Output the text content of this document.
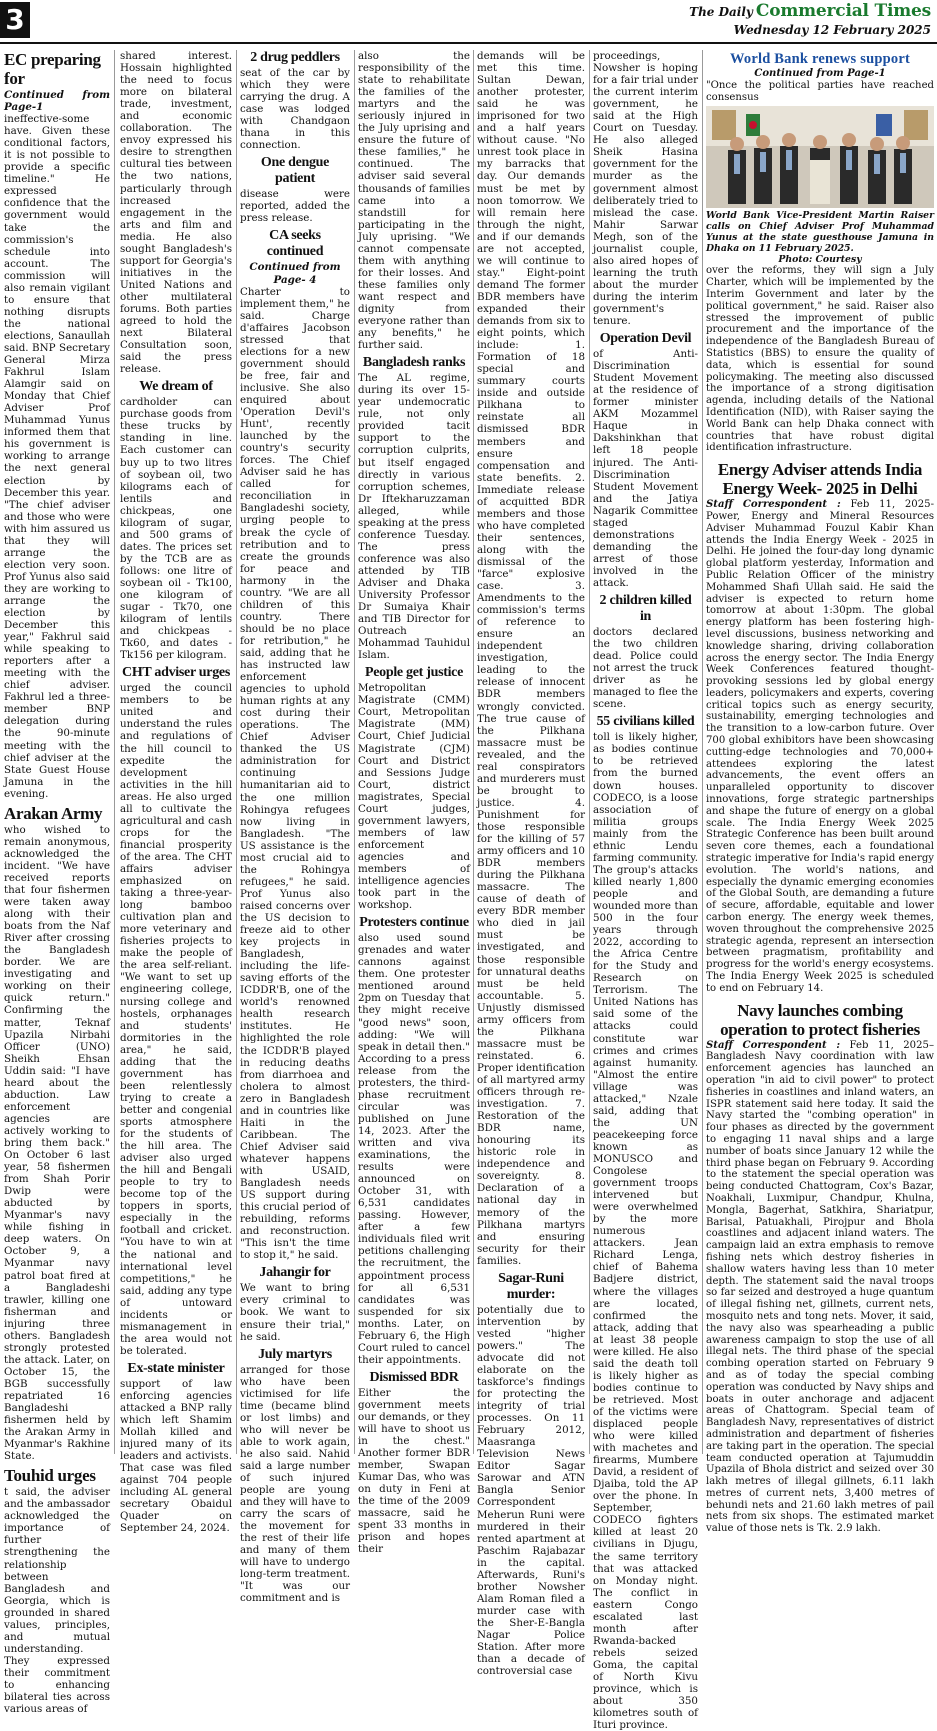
3	The Daily Commercial Times
Wednesday 12 February 2025
EC preparing for

Continued from Page-1

ineffective-some have. Given these conditional factors, it is not possible to provide a specific timeline." He expressed confidence that the government would take the commission's schedule into account. The commission will also remain vigilant to ensure that nothing disrupts the national elections, Sanaullah said. BNP Secretary General Mirza Fakhrul Islam Alamgir said on Monday that Chief Adviser Prof Muhammad Yunus informed them that his government is working to arrange the next general election by December this year. "The chief adviser and those who were with him assured us that they will arrange the election very soon. Prof Yunus also said they are working to arrange the election by December this year," Fakhrul said while speaking to reporters after a meeting with the chief adviser. Fakhrul led a three-member BNP delegation during the 90-minute meeting with the chief adviser at the State Guest House Jamuna in the evening.

Arakan Army

who wished to remain anonymous, acknowledged the incident. "We have received reports that four fishermen were taken away along with their boats from the Naf River after crossing the Bangladesh border. We are investigating and working on their quick return." Confirming the matter, Teknaf Upazila Nirbahi Officer (UNO) Sheikh Ehsan Uddin said: "I have heard about the abduction. Law enforcement agencies are actively working to bring them back." On October 6 last year, 58 fishermen from Shah Porir Dwip were abducted by Myanmar's navy while fishing in deep waters. On October 9, a Myanmar navy patrol boat fired at a Bangladeshi trawler, killing one fisherman and injuring three others. Bangladesh strongly protested the attack. Later, on October 15, the BGB successfully repatriated 16 Bangladeshi fishermen held by the Arakan Army in Myanmar's Rakhine State.

Touhid urges

t said, the adviser and the ambassador acknowledged the importance of further strengthening the relationship between Bangladesh and Georgia, which is grounded in shared values, principles, and mutual understanding. They expressed their commitment to enhancing bilateral ties across various areas of

shared interest. Hossain highlighted the need to focus more on bilateral trade, investment, and economic collaboration. The envoy expressed his desire to strengthen cultural ties between the two nations, particularly through increased engagement in the arts and film and media. He also sought Bangladesh's support for Georgia's initiatives in the United Nations and other multilateral forums. Both parties agreed to hold the next Bilateral Consultation soon, said the press release.

We dream of

cardholder can purchase goods from these trucks by standing in line. Each customer can buy up to two litres of soybean oil, two kilograms each of lentils and chickpeas, one kilogram of sugar, and 500 grams of dates. The prices set by the TCB are as follows: one litre of soybean oil - Tk100, one kilogram of sugar - Tk70, one kilogram of lentils and chickpeas - Tk60, and dates - Tk156 per kilogram.

CHT adviser urges

urged the council members to be united and understand the rules and regulations of the hill council to expedite the development activities in the hill areas. He also urged all to cultivate the agricultural and cash crops for the financial prosperity of the area. The CHT affairs adviser emphasized on taking a three-year-long bamboo cultivation plan and more veterinary and fisheries projects to make the people of the area self-reliant. "We want to set up engineering college, nursing college and hostels, orphanages and students' dormitories in the area," he said, adding that the government has been relentlessly trying to create a better and congenial sports atmosphere for the students of the hill area. The adviser also urged the hill and Bengali people to try to become top of the toppers in sports, especially in the football and cricket. "You have to win at the national and international level competitions," he said, adding any type of untoward incidents or mismanagement in the area would not be tolerated.

Ex-state minister

support of law enforcing agencies attacked a BNP rally which left Shamim Mollah killed and injured many of its leaders and activists. That case was filed against 704 people including AL general secretary Obaidul Quader on September 24, 2024.

2 drug peddlers

seat of the car by which they were carrying the drug. A case was lodged with Chandgaon thana in this connection.

One dengue patient

disease were reported, added the press release.

CA seeks continued

Continued from Page- 4

Charter to implement them," he said. Charge d'affaires Jacobson stressed that elections for a new government should be free, fair and inclusive. She also enquired about 'Operation Devil's Hunt', recently launched by the country's security forces. The Chief Adviser said he has called for reconciliation in Bangladeshi society, urging people to break the cycle of retribution and to create the grounds for peace and harmony in the country. "We are all children of this country. There should be no place for retribution," he said, adding that he has instructed law enforcement agencies to uphold human rights at any cost during their operations. The Chief Adviser thanked the US administration for continuing humanitarian aid to the one million Rohingya refugees now living in Bangladesh. "The US assistance is the most crucial aid to the Rohingya refugees," he said. Prof Yunus also raised concerns over the US decision to freeze aid to other key projects in Bangladesh, including the life-saving efforts of the ICDDR'B, one of the world's renowned health research institutes. He highlighted the role the ICDDR'B played in reducing deaths from diarrhoea and cholera to almost zero in Bangladesh and in countries like Haiti in the Caribbean. The Chief Adviser said whatever happens with USAID, Bangladesh needs US support during this crucial period of rebuilding, reforms and reconstruction. "This isn't the time to stop it," he said.

Jahangir for

We want to bring every criminal to book. We want to ensure their trial," he said.

July martyrs

arranged for those who have been victimised for life time (became blind or lost limbs) and who will never be able to work again, he also said. Nahid said a large number of such injured people are young and they will have to carry the scars of the movement for the rest of their life and many of them will have to undergo long-term treatment. "It was our commitment and is

also the responsibility of the state to rehabilitate the families of the martyrs and the seriously injured in the July uprising and ensure the future of these families," he continued. The adviser said several thousands of families came into a standstill for participating in the July uprising. "We cannot compensate them with anything for their losses. And these families only want respect and dignity from everyone rather than any benefits," he further said.

Bangladesh ranks

The AL regime, during its over 15-year undemocratic rule, not only provided tacit support to the corruption culprits, but itself engaged directly in various corruption schemes, Dr Iftekharuzzaman alleged, while speaking at the press conference Tuesday. The press conference was also attended by TIB Adviser and Dhaka University Professor Dr Sumaiya Khair and TIB Director for Outreach Mohammad Tauhidul Islam.

People get justice

Metropolitan Magistrate (CMM) Court, Metropolitan Magistrate (MM) Court, Chief Judicial Magistrate (CJM) Court and District and Sessions Judge Court, district magistrates, Special Court judges, government lawyers, members of law enforcement agencies and members of intelligence agencies took part in the workshop.

Protesters continue

also used sound grenades and water cannons against them. One protester mentioned around 2pm on Tuesday that they might receive "good news" soon, adding: "We will speak in detail then." According to a press release from the protesters, the third-phase recruitment circular was published on June 14, 2023. After the written and viva examinations, the results were announced on October 31, with 6,531 candidates passing. However, after a few individuals filed writ petitions challenging the recruitment, the appointment process for all 6,531 candidates was suspended for six months. Later, on February 6, the High Court ruled to cancel their appointments.

Dismissed BDR

Either the government meets our demands, or they will have to shoot us in the chest." Another former BDR member, Swapan Kumar Das, who was on duty in Feni at the time of the 2009 massacre, said he spent 33 months in prison and hopes their

demands will be met this time. Sultan Dewan, another protester, said he was imprisoned for two and a half years without cause. "No unrest took place in my barracks that day. Our demands must be met by noon tomorrow. We will remain here through the night, and if our demands are not accepted, we will continue to stay." Eight-point demand The former BDR members have expanded their demands from six to eight points, which include: 1. Formation of 18 special and summary courts inside and outside Pilkhana to reinstate all dismissed BDR members and ensure compensation and state benefits. 2. Immediate release of acquitted BDR members and those who have completed their sentences, along with the dismissal of the "farce" explosive case. 3. Amendments to the commission's terms of reference to ensure an independent investigation, leading to the release of innocent BDR members wrongly convicted. The true cause of the Pilkhana massacre must be revealed, and the real conspirators and murderers must be brought to justice. 4. Punishment for those responsible for the killing of 57 army officers and 10 BDR members during the Pilkhana massacre. The cause of death of every BDR member who died in jail must be investigated, and those responsible for unnatural deaths must be held accountable. 5. Unjustly dismissed army officers from the Pilkhana massacre must be reinstated. 6. Proper identification of all martyred army officers through re-investigation. 7. Restoration of the BDR name, honouring its historic role in independence and sovereignty. 8. Declaration of a national day in memory of the Pilkhana martyrs and ensuring security for their families.

Sagar-Runi murder:

potentially due to intervention by vested "higher powers." The advocate did not elaborate on the taskforce's findings for protecting the integrity of trial processes. On 11 February 2012, Maasranga Television News Editor Sagar Sarowar and ATN Bangla Senior Correspondent Meherun Runi were murdered in their rented apartment at Paschim Rajabazar in the capital. Afterwards, Runi's brother Nowsher Alam Roman filed a murder case with the Sher-E-Bangla Nagar Police Station. After more than a decade of controversial case

proceedings, Nowsher is hoping for a fair trial under the current interim government, he said at the High Court on Tuesday. He also alleged Sheik Hasina government for the murder as the government almost deliberately tried to mislead the case. Mahir Sarwar Megh, son of the journalist couple, also aired hopes of learning the truth about the murder during the interim government's tenure.

Operation Devil

of Anti-Discrimination Student Movement at the residence of former minister AKM Mozammel Haque in Dakshinkhan that left 18 people injured. The Anti-Discrimination Student Movement and the Jatiya Nagarik Committee staged demonstrations demanding the arrest of those involved in the attack.

2 children killed in

doctors declared the two children dead. Police could not arrest the truck driver as he managed to flee the scene.

55 civilians killed

toll is likely higher, as bodies continue to be retrieved from the burned down houses. CODECO, is a loose association of militia groups mainly from the ethnic Lendu farming community. The group's attacks killed nearly 1,800 people and wounded more than 500 in the four years through 2022, according to the Africa Centre for the Study and Research on Terrorism. The United Nations has said some of the attacks could constitute war crimes and crimes against humanity. "Almost the entire village was attacked," Nzale said, adding that the UN peacekeeping force known as MONUSCO and Congolese government troops intervened but were overwhelmed by the more numerous attackers. Jean Richard Lenga, chief of Bahema Badjere district, where the villages are located, confirmed the attack, adding that at least 38 people were killed. He also said the death toll is likely higher as bodies continue to be retrieved. Most of the victims were displaced people who were killed with machetes and firearms, Mumbere David, a resident of Djaiba, told the AP over the phone. In September, CODECO fighters killed at least 20 civilians in Djugu, the same territory that was attacked on Monday night. The conflict in eastern Congo escalated last month after Rwanda-backed rebels seized Goma, the capital of North Kivu province, which is about 350 kilometres south of Ituri province.

World Bank renews support

Continued from Page-1

"Once the political parties have reached consensus

World Bank Vice-President Martin Raiser calls on Chief Adviser Prof Muhammad Yunus at the state guesthouse Jamuna in Dhaka on 11 February 2025.
Photo: Courtesy

over the reforms, they will sign a July Charter, which will be implemented by the Interim Government and later by the political government," he said. Raiser also stressed the improvement of public procurement and the importance of the independence of the Bangladesh Bureau of Statistics (BBS) to ensure the quality of data, which is essential for sound policymaking. The meeting also discussed the importance of a strong digitisation agenda, including details of the National Identification (NID), with Raiser saying the World Bank can help Dhaka connect with countries that have robust digital identification infrastructure.

Energy Adviser attends India Energy Week- 2025 in Delhi

Staff Correspondent : Feb 11, 2025- Power, Energy and Mineral Resources Adviser Muhammad Fouzul Kabir Khan attends the India Energy Week - 2025 in Delhi. He joined the four-day long dynamic global platform yesterday, Information and Public Relation Officer of the ministry Mohammed Shafi Ullah said. He said the adviser is expected to return home tomorrow at about 1:30pm. The global energy platform has been fostering high-level discussions, business networking and knowledge sharing, driving collaboration across the energy sector. The India Energy Week Conferences featured thought-provoking sessions led by global energy leaders, policymakers and experts, covering critical topics such as energy security, sustainability, emerging technologies and the transition to a low-carbon future. Over 700 global exhibitors have been showcasing cutting-edge technologies and 70,000+ attendees exploring the latest advancements, the event offers an unparalleled opportunity to discover innovations, forge strategic partnerships and shape the future of energy on a global scale. The India Energy Week 2025 Strategic Conference has been built around seven core themes, each a foundational strategic imperative for India's rapid energy evolution. The world's nations, and especially the dynamic emerging economies of the Global South, are demanding a future of secure, affordable, equitable and lower carbon energy. The energy week themes, woven throughout the comprehensive 2025 strategic agenda, represent an intersection between pragmatism, profitability and progress for the world's energy ecosystems. The India Energy Week 2025 is scheduled to end on February 14.

Navy launches combing operation to protect fisheries

Staff Correspondent : Feb 11, 2025– Bangladesh Navy coordination with law enforcement agencies has launched an operation "in aid to civil power" to protect fisheries in coastlines and inland waters, an ISPR statement said here today. It said the Navy started the "combing operation" in four phases as directed by the government to engaging 11 naval ships and a large number of boats since January 12 while the third phase began on February 9. According to the statement the special operation was being conducted Chattogram, Cox's Bazar, Noakhali, Luxmipur, Chandpur, Khulna, Mongla, Bagerhat, Satkhira, Shariatpur, Barisal, Patuakhali, Pirojpur and Bhola coastlines and adjacent inland waters. The campaign laid an extra emphasis to remove fishing nets which destroy fisheries in shallow waters having less than 10 meter depth. The statement said the naval troops so far seized and destroyed a huge quantum of illegal fishing net, gillnets, current nets, mosquito nets and tong nets. Mover, it said, the navy also was spearheading a public awareness campaign to stop the use of all illegal nets. The third phase of the special combing operation started on February 9 and as of today the special combing operation was conducted by Navy ships and boats in outer anchorage and adjacent areas of Chattogram. Special team of Bangladesh Navy, representatives of district administration and department of fisheries are taking part in the operation. The special team conducted operation at Tajumuddin Upazila of Bhola district and seized over 30 lakh metres of illegal gillnets, 6.11 lakh metres of current nets, 3,400 metres of behundi nets and 21.60 lakh metres of pail nets from six shops. The estimated market value of those nets is Tk. 2.9 lakh.
